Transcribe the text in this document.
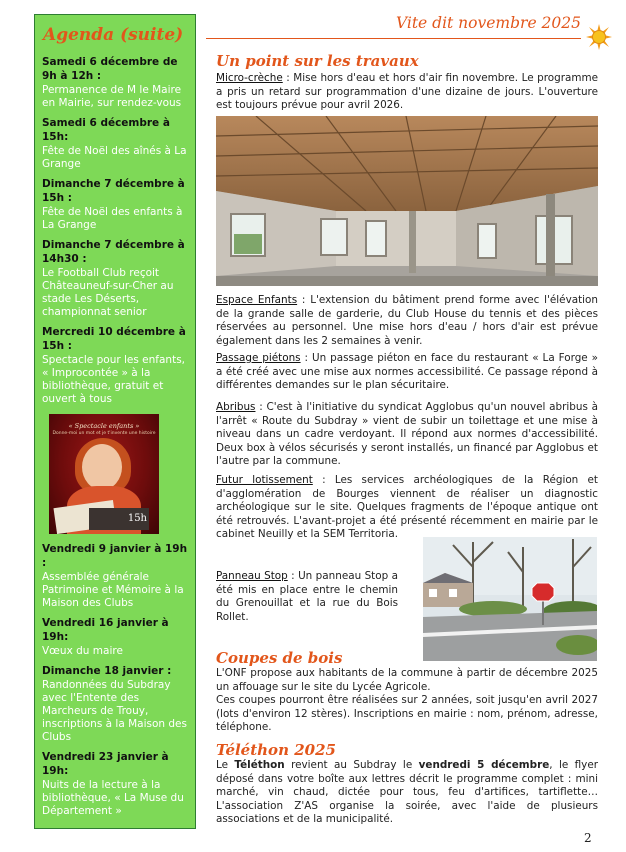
Vite dit novembre 2025
Agenda (suite)
Samedi 6 décembre de 9h à 12h :
Permanence de M le Maire en Mairie, sur rendez-vous
Samedi 6 décembre à 15h:
Fête de Noël des aînés à La Grange
Dimanche 7 décembre à 15h :
Fête de Noël des enfants à La Grange
Dimanche 7 décembre à 14h30 :
Le Football Club reçoit Châteauneuf-sur-Cher au stade Les Déserts, championnat senior
Mercredi 10 décembre à 15h :
Spectacle pour les enfants, « Improcontée » à la bibliothèque, gratuit et ouvert à tous
« Spectacle enfants »
Donne-moi un mot et je t'invente une histoire
15h
Vendredi 9 janvier à 19h :
Assemblée générale Patrimoine et Mémoire à la Maison des Clubs
Vendredi 16 janvier à 19h:
Vœux du maire
Dimanche 18 janvier :
Randonnées du Subdray avec l'Entente des Marcheurs de Trouy, inscriptions à la Maison des Clubs
Vendredi 23 janvier à 19h:
Nuits de la lecture à la bibliothèque, « La Muse du Département »
Un point sur les travaux

Micro-crèche : Mise hors d'eau et hors d'air fin novembre. Le programme a pris un retard sur programmation d'une dizaine de jours. L'ouverture est toujours prévue pour avril 2026.

Espace Enfants : L'extension du bâtiment prend forme avec l'élévation de la grande salle de garderie, du Club House du tennis et des pièces réservées au personnel. Une mise hors d'eau / hors d'air est prévue également dans les 2 semaines à venir.

Passage piétons : Un passage piéton en face du restaurant « La Forge » a été créé avec une mise aux normes accessibilité. Ce passage répond à différentes demandes sur le plan sécuritaire.

Abribus : C'est à l'initiative du syndicat Agglobus qu'un nouvel abribus à l'arrêt « Route du Subdray » vient de subir un toilettage et une mise à niveau dans un cadre verdoyant. Il répond aux normes d'accessibilité. Deux box à vélos sécurisés y seront installés, un financé par Agglobus et l'autre par la commune.

Futur lotissement : Les services archéologiques de la Région et d'agglomération de Bourges viennent de réaliser un diagnostic archéologique sur le site. Quelques fragments de l'époque antique ont été retrouvés. L'avant-projet a été présenté récemment en mairie par le cabinet Neuilly et la SEM Territoria.

Panneau Stop : Un panneau Stop a été mis en place entre le chemin du Grenouillat et la rue du Bois Rollet.

Coupes de bois

L'ONF propose aux habitants de la commune à partir de décembre 2025 un affouage sur le site du Lycée Agricole.

Ces coupes pourront être réalisées sur 2 années, soit jusqu'en avril 2027 (lots d'environ 12 stères). Inscriptions en mairie : nom, prénom, adresse, téléphone.

Téléthon 2025

Le Téléthon revient au Subdray le vendredi 5 décembre, le flyer déposé dans votre boîte aux lettres décrit le programme complet : mini marché, vin chaud, dictée pour tous, feu d'artifices, tartiflette… L'association Z'AS organise la soirée, avec l'aide de plusieurs associations et de la municipalité.

2
